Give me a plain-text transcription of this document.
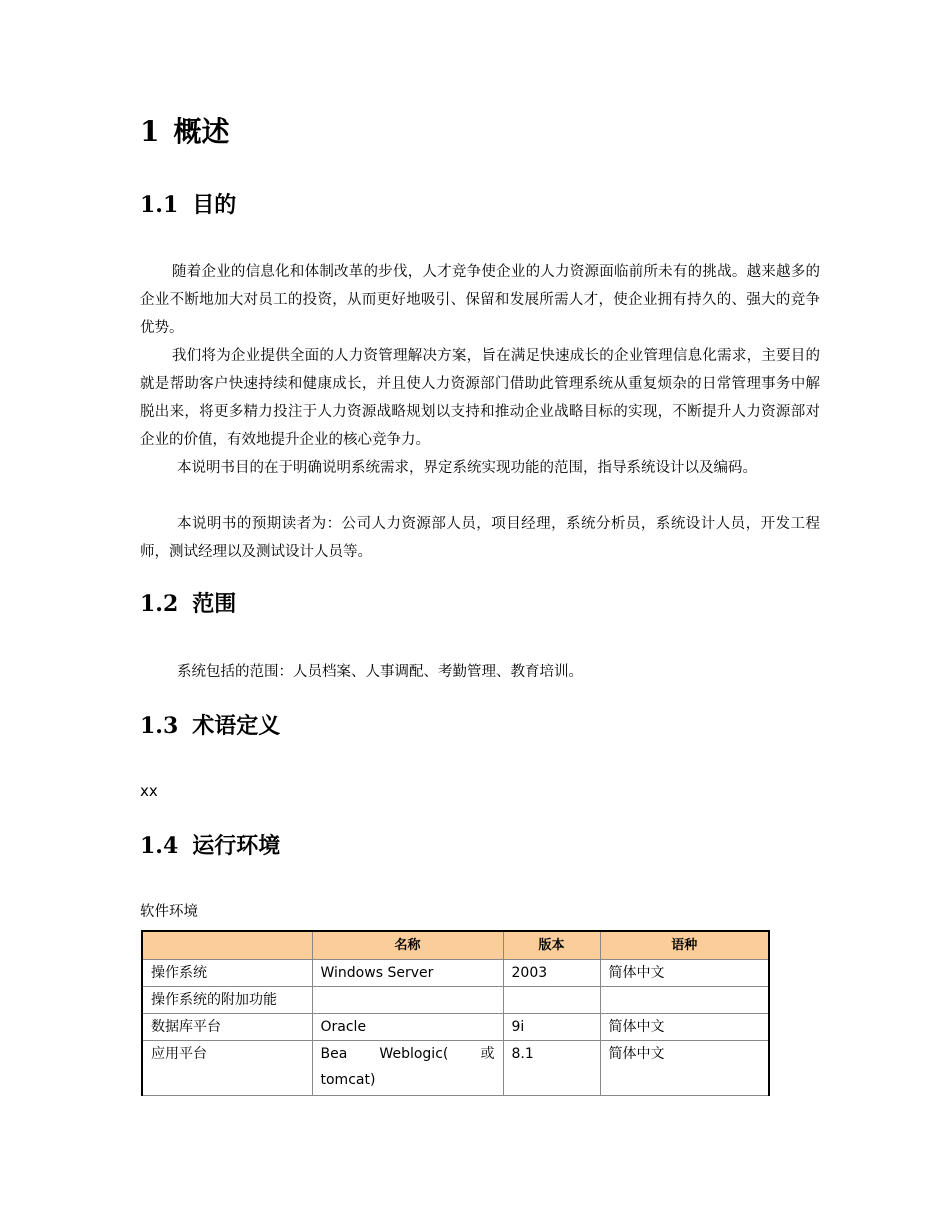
1 概述
1.1 目的

随着企业的信息化和体制改革的步伐，人才竞争使企业的人力资源面临前所未有的挑战。越来越多的企业不断地加大对员工的投资，从而更好地吸引、保留和发展所需人才，使企业拥有持久的、强大的竞争优势。

我们将为企业提供全面的人力资管理解决方案，旨在满足快速成长的企业管理信息化需求，主要目的就是帮助客户快速持续和健康成长，并且使人力资源部门借助此管理系统从重复烦杂的日常管理事务中解脱出来，将更多精力投注于人力资源战略规划以支持和推动企业战略目标的实现，不断提升人力资源部对企业的价值，有效地提升企业的核心竞争力。

本说明书目的在于明确说明系统需求，界定系统实现功能的范围，指导系统设计以及编码。

本说明书的预期读者为：公司人力资源部人员，项目经理，系统分析员，系统设计人员，开发工程师，测试经理以及测试设计人员等。

1.2 范围

系统包括的范围：人员档案、人事调配、考勤管理、教育培训。

1.3 术语定义

xx

1.4 运行环境

软件环境

	名称	版本	语种
操作系统	Windows Server	2003	简体中文
操作系统的附加功能			
数据库平台	Oracle	9i	简体中文
应用平台	Bea Weblogic( 或 tomcat)	8.1	简体中文
